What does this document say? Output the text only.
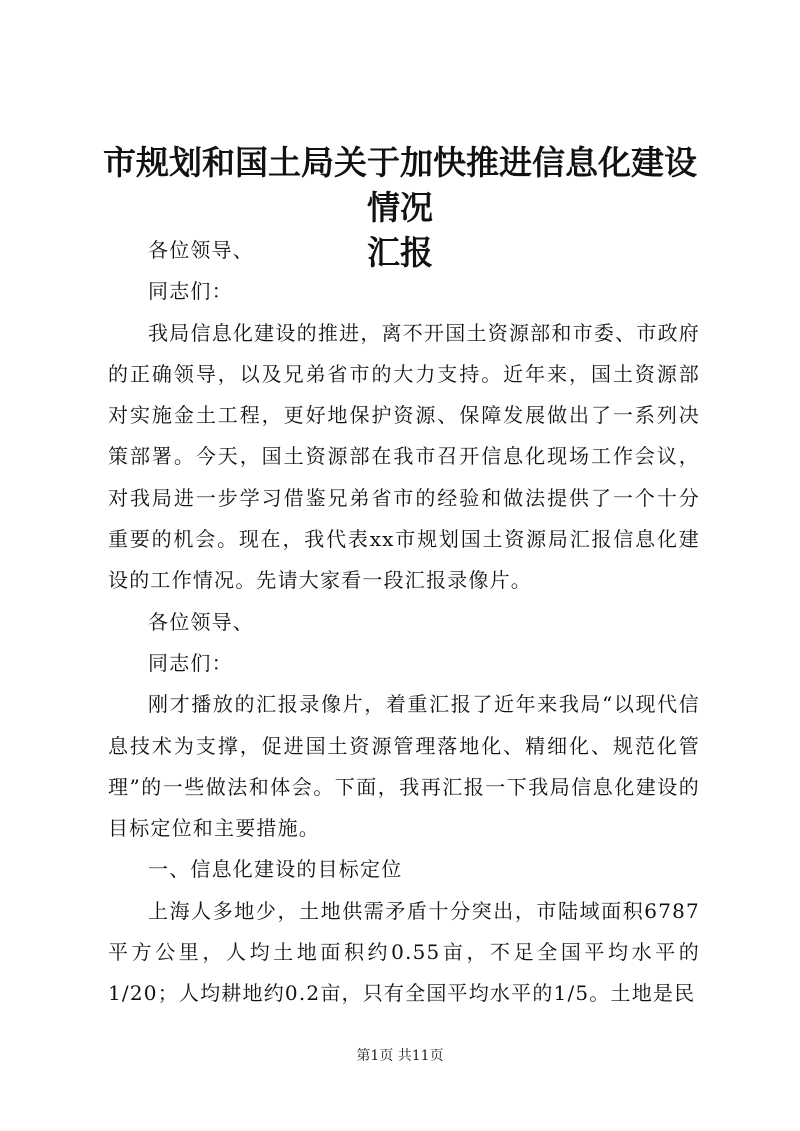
市规划和国土局关于加快推进信息化建设情况
汇报

各位领导、

同志们：

我局信息化建设的推进，离不开国土资源部和市委、市政府的正确领导，以及兄弟省市的大力支持。近年来，国土资源部对实施金土工程，更好地保护资源、保障发展做出了一系列决策部署。今天，国土资源部在我市召开信息化现场工作会议，对我局进一步学习借鉴兄弟省市的经验和做法提供了一个十分重要的机会。现在，我代表xx市规划国土资源局汇报信息化建设的工作情况。先请大家看一段汇报录像片。

各位领导、

同志们：

刚才播放的汇报录像片，着重汇报了近年来我局“以现代信息技术为支撑，促进国土资源管理落地化、精细化、规范化管理”的一些做法和体会。下面，我再汇报一下我局信息化建设的目标定位和主要措施。

一、信息化建设的目标定位

上海人多地少，土地供需矛盾十分突出，市陆域面积6787平方公里，人均土地面积约0.55亩，不足全国平均水平的1/20；人均耕地约0.2亩，只有全国平均水平的1/5。土地是民

第1页 共11页
